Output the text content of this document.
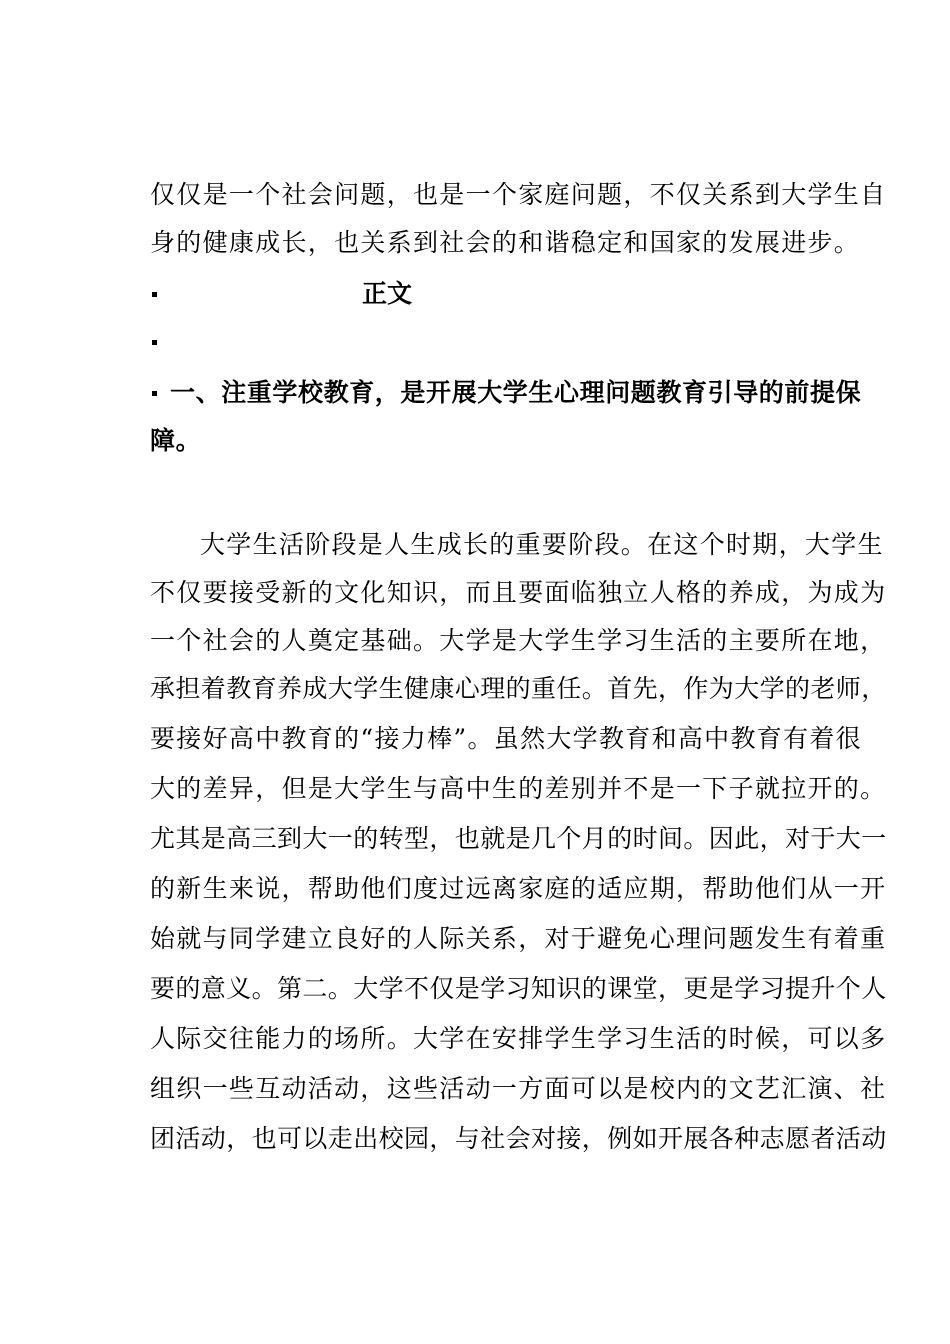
仅仅是一个社会问题，也是一个家庭问题，不仅关系到大学生自
身的健康成长，也关系到社会的和谐稳定和国家的发展进步。
正文
一、注重学校教育，是开展大学生心理问题教育引导的前提保
障。
大学生活阶段是人生成长的重要阶段。在这个时期，大学生
不仅要接受新的文化知识，而且要面临独立人格的养成，为成为
一个社会的人奠定基础。大学是大学生学习生活的主要所在地，
承担着教育养成大学生健康心理的重任。首先，作为大学的老师，
要接好高中教育的“接力棒”。虽然大学教育和高中教育有着很
大的差异，但是大学生与高中生的差别并不是一下子就拉开的。
尤其是高三到大一的转型，也就是几个月的时间。因此，对于大一
的新生来说，帮助他们度过远离家庭的适应期，帮助他们从一开
始就与同学建立良好的人际关系，对于避免心理问题发生有着重
要的意义。第二。大学不仅是学习知识的课堂，更是学习提升个人
人际交往能力的场所。大学在安排学生学习生活的时候，可以多
组织一些互动活动，这些活动一方面可以是校内的文艺汇演、社
团活动，也可以走出校园，与社会对接，例如开展各种志愿者活动
